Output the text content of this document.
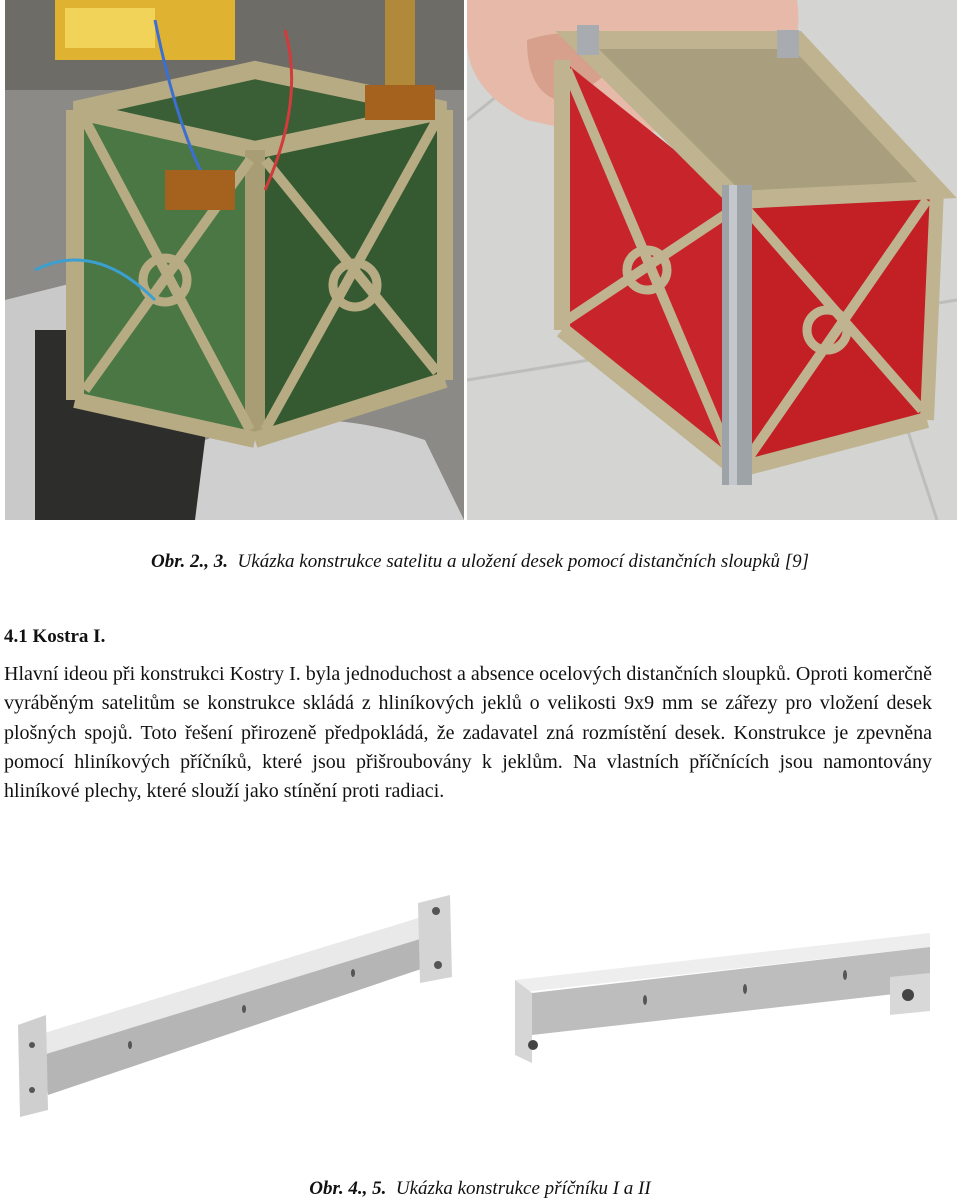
Obr. 2., 3. Ukázka konstrukce satelitu a uložení desek pomocí distančních sloupků [9]
4.1 Kostra I.
Hlavní ideou při konstrukci Kostry I. byla jednoduchost a absence ocelových distančních sloupků. Oproti komerčně vyráběným satelitům se konstrukce skládá z hliníkových jeklů o velikosti 9x9 mm se zářezy pro vložení desek plošných spojů. Toto řešení přirozeně předpokládá, že zadavatel zná rozmístění desek. Konstrukce je zpevněna pomocí hliníkových příčníků, které jsou přišroubovány k jeklům. Na vlastních příčnících jsou namontovány hliníkové plechy, které slouží jako stínění proti radiaci.
Obr. 4., 5. Ukázka konstrukce příčníku I a II
